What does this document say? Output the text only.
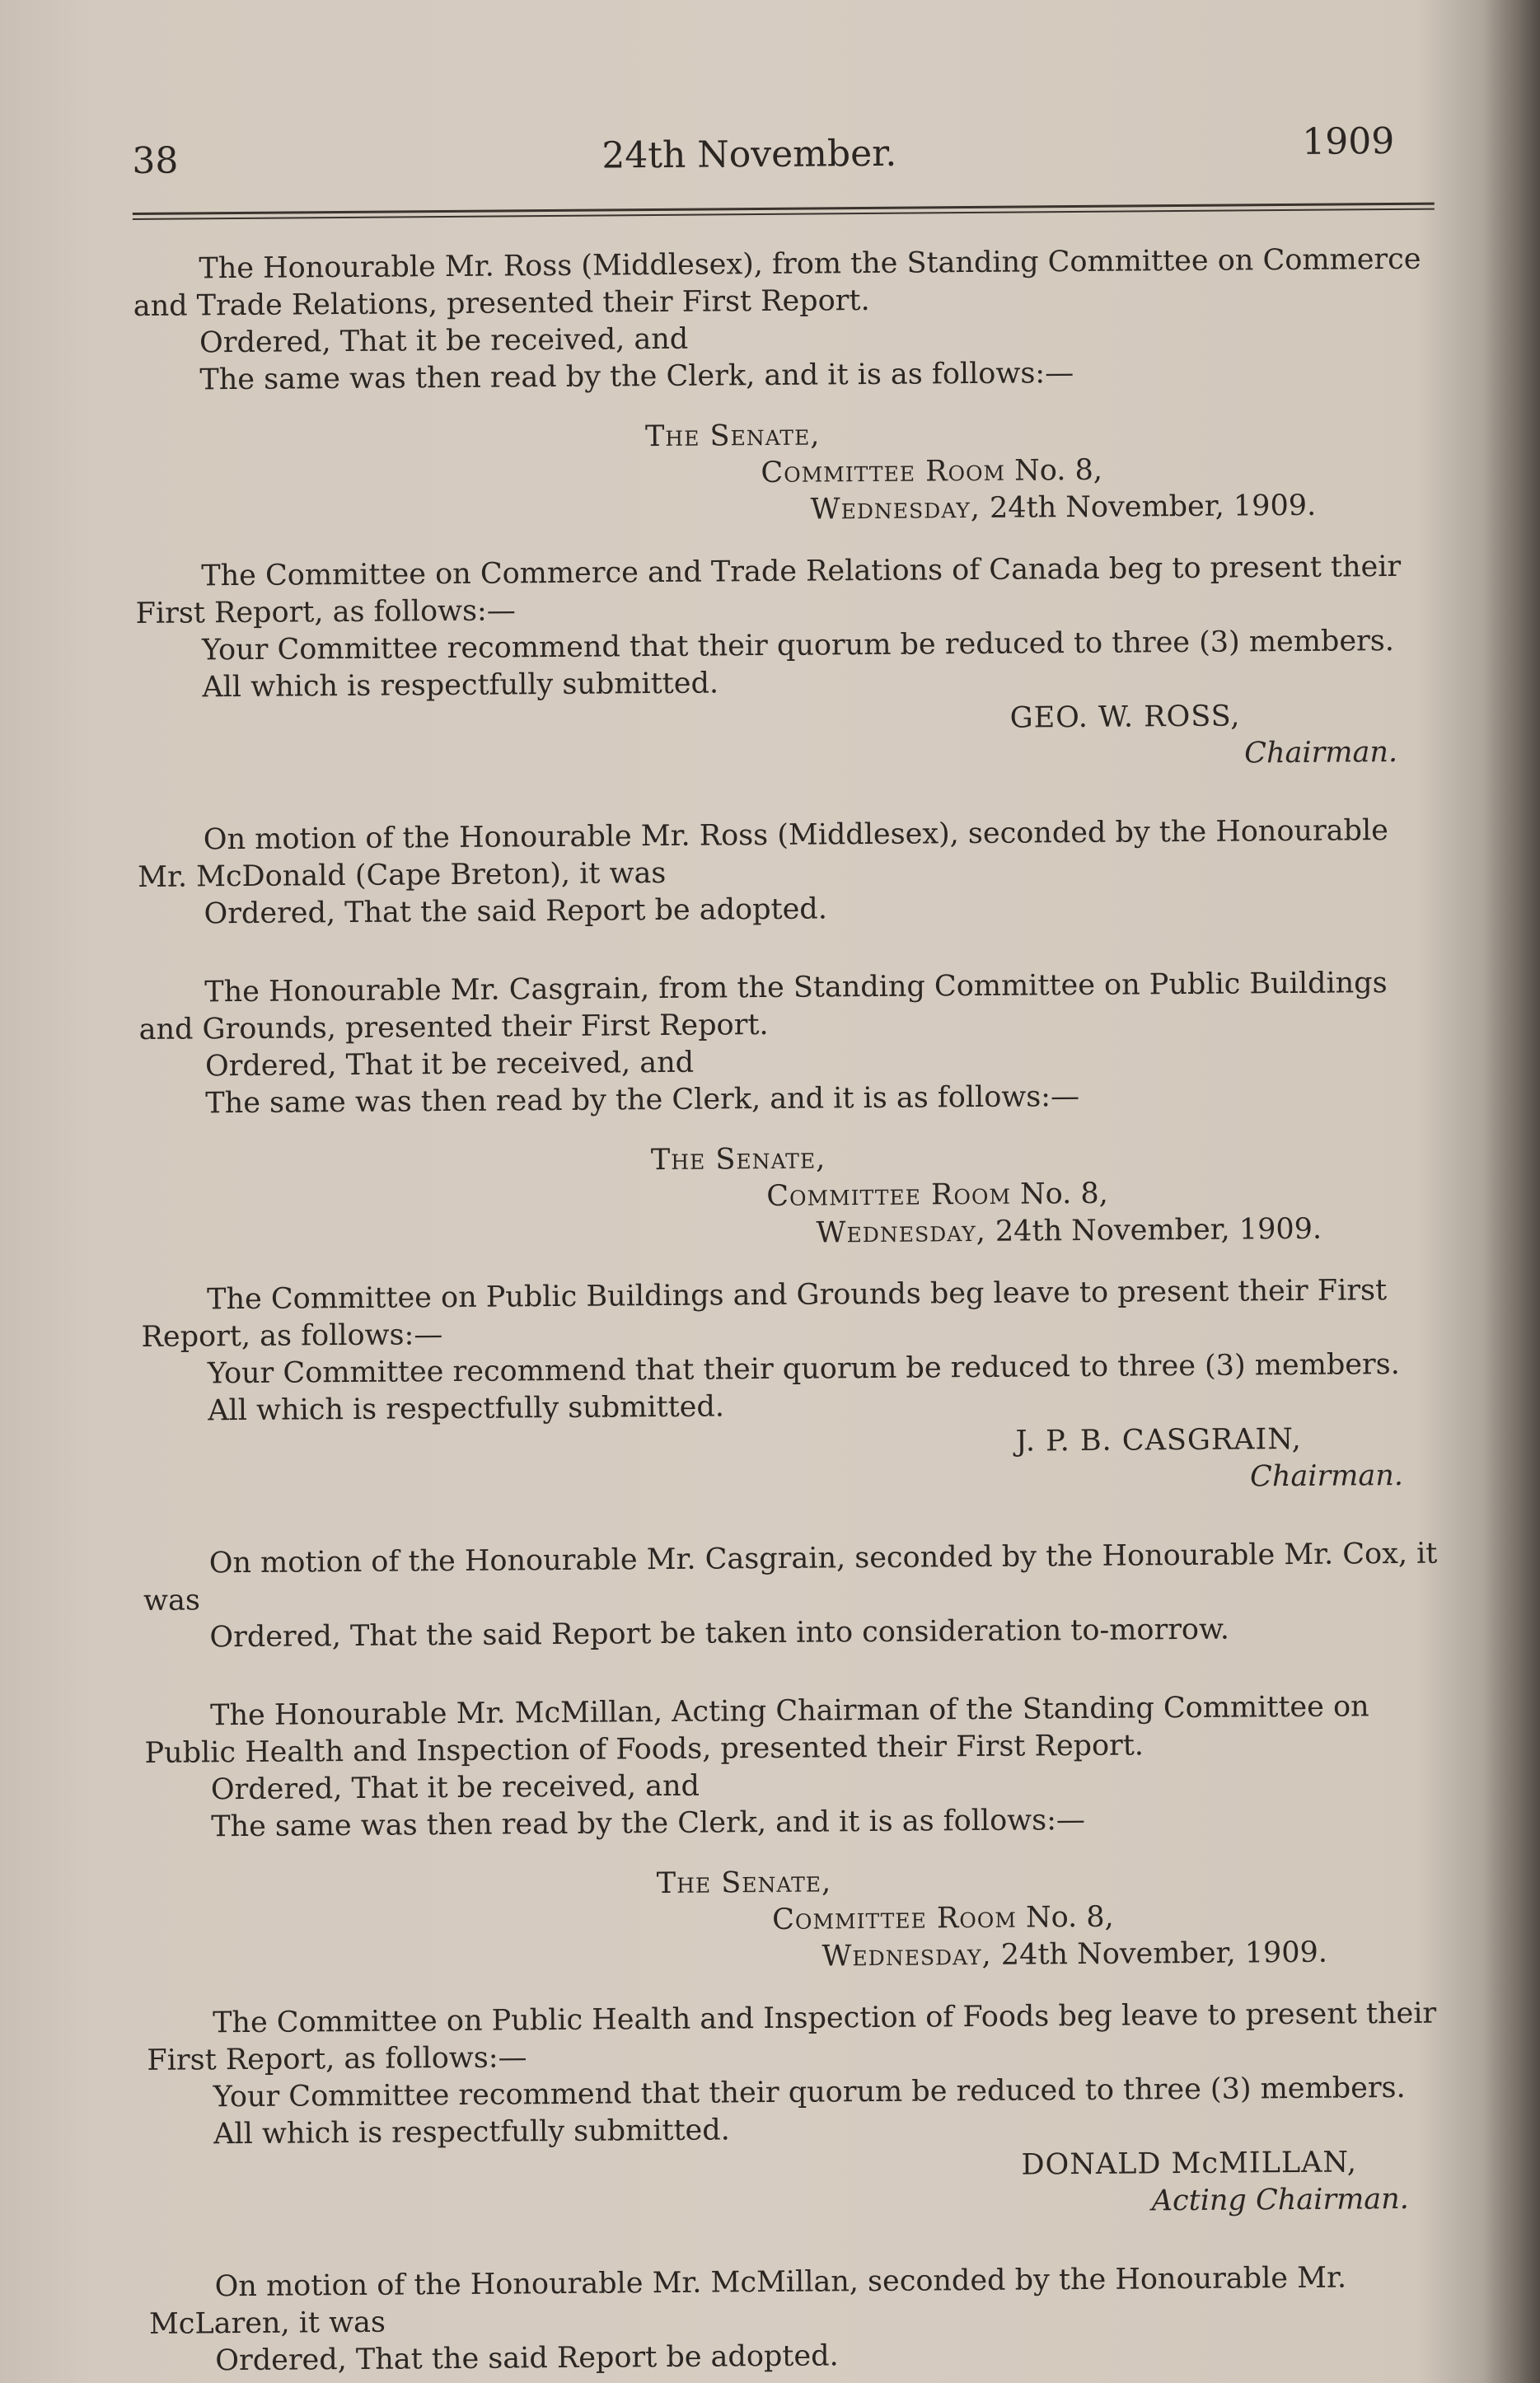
38	24th November.	1909

The Honourable Mr. Ross (Middlesex), from the Standing Committee on Commerce and Trade Relations, presented their First Report.

Ordered, That it be received, and

The same was then read by the Clerk, and it is as follows:—

The Senate,

Committee Room No. 8,

Wednesday, 24th November, 1909.

The Committee on Commerce and Trade Relations of Canada beg to present their First Report, as follows:—

Your Committee recommend that their quorum be reduced to three (3) members.

All which is respectfully submitted.

GEO. W. ROSS,

Chairman.

On motion of the Honourable Mr. Ross (Middlesex), seconded by the Honourable Mr. McDonald (Cape Breton), it was

Ordered, That the said Report be adopted.

The Honourable Mr. Casgrain, from the Standing Committee on Public Buildings and Grounds, presented their First Report.

Ordered, That it be received, and

The same was then read by the Clerk, and it is as follows:—

The Senate,

Committee Room No. 8,

Wednesday, 24th November, 1909.

The Committee on Public Buildings and Grounds beg leave to present their First Report, as follows:—

Your Committee recommend that their quorum be reduced to three (3) members.

All which is respectfully submitted.

J. P. B. CASGRAIN,

Chairman.

On motion of the Honourable Mr. Casgrain, seconded by the Honourable Mr. Cox, it was

Ordered, That the said Report be taken into consideration to-morrow.

The Honourable Mr. McMillan, Acting Chairman of the Standing Committee on Public Health and Inspection of Foods, presented their First Report.

Ordered, That it be received, and

The same was then read by the Clerk, and it is as follows:—

The Senate,

Committee Room No. 8,

Wednesday, 24th November, 1909.

The Committee on Public Health and Inspection of Foods beg leave to present their First Report, as follows:—

Your Committee recommend that their quorum be reduced to three (3) members.

All which is respectfully submitted.

DONALD McMILLAN,

Acting Chairman.

On motion of the Honourable Mr. McMillan, seconded by the Honourable Mr. McLaren, it was

Ordered, That the said Report be adopted.
